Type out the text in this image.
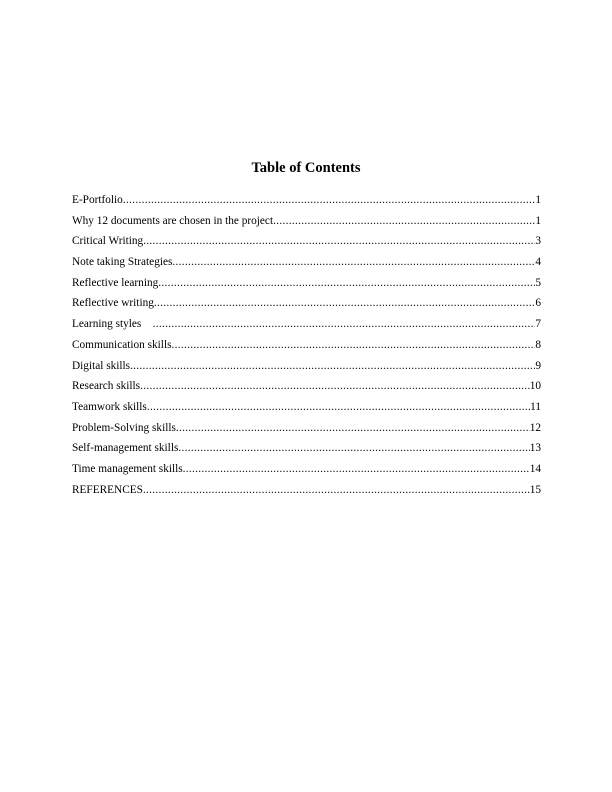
Table of Contents
E-Portfolio .....	1
Why 12 documents are chosen in the project .....	1
Critical Writing .....	3
Note taking Strategies .....	4
Reflective learning .....	5
Reflective writing .....	6
Learning styles .....	7
Communication skills .....	8
Digital skills .....	9
Research skills .....	10
Teamwork skills .....	11
Problem-Solving skills .....	12
Self-management skills .....	13
Time management skills .....	14
REFERENCES .....	15
